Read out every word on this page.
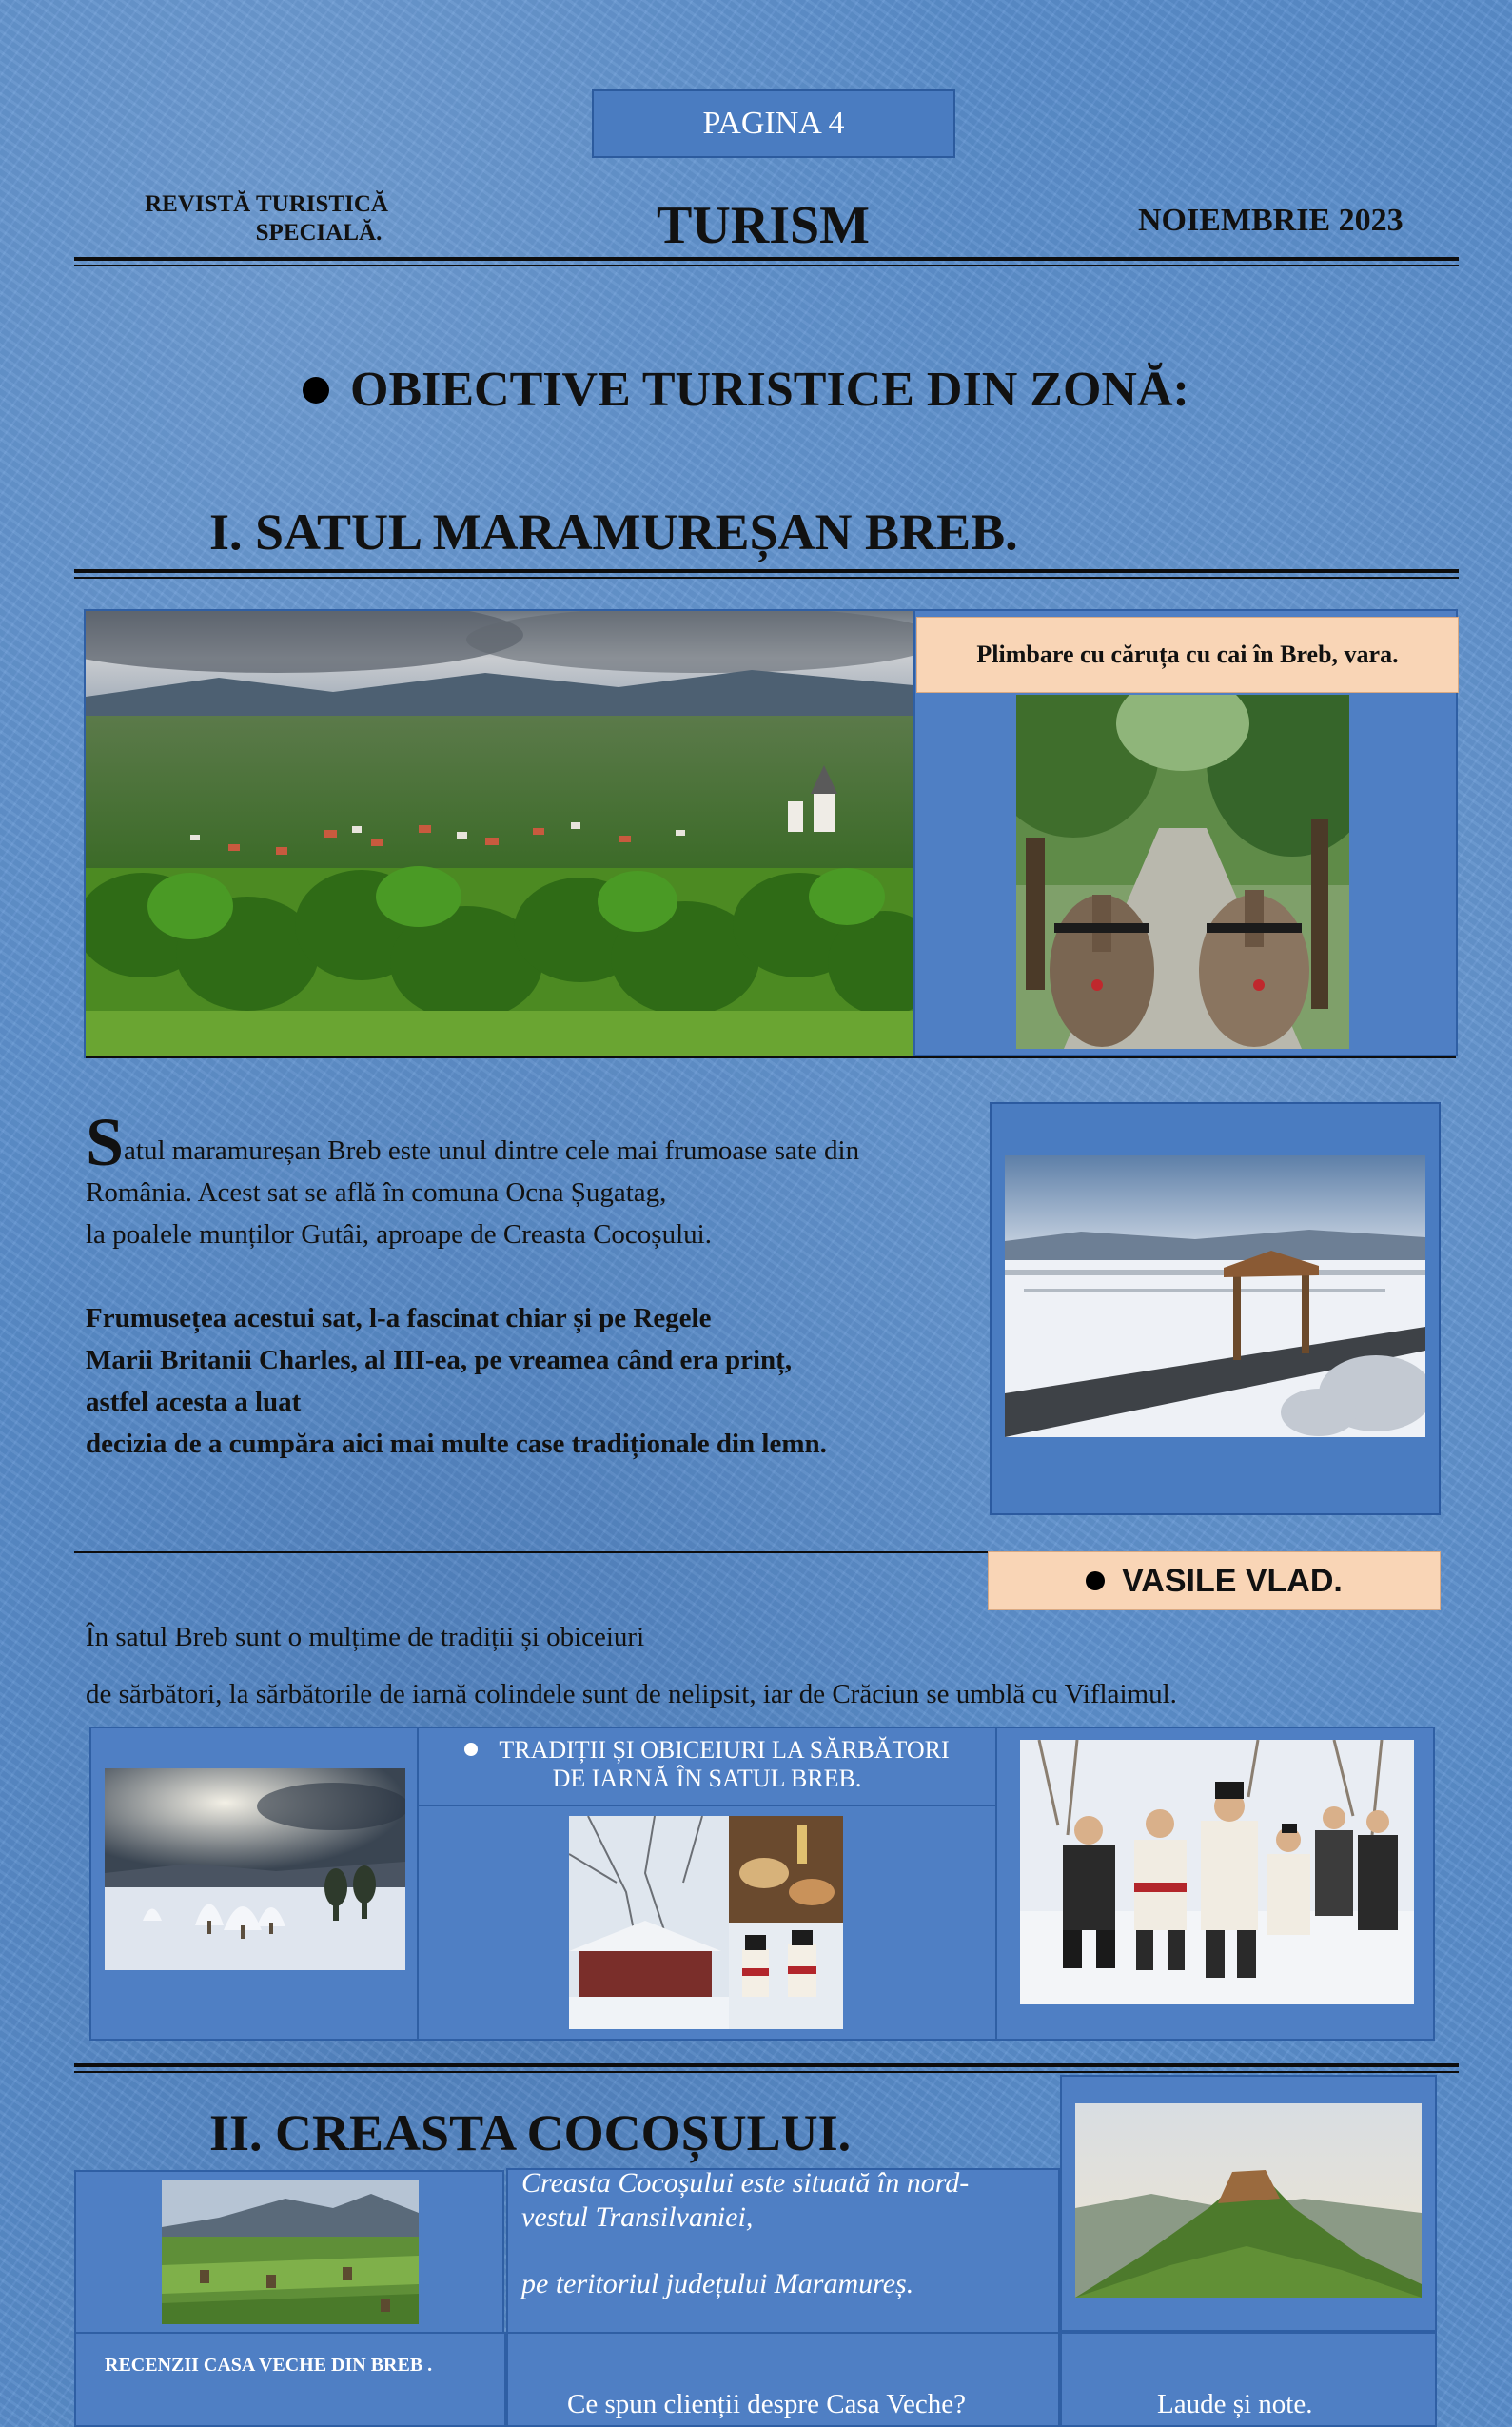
PAGINA 4
REVISTĂ TURISTICĂ
SPECIALĂ.	TURISM	NOIEMBRIE 2023
OBIECTIVE TURISTICE DIN ZONĂ:
I. SATUL MARAMUREȘAN BREB.
Plimbare cu căruța cu cai în Breb, vara.

Satul maramureșan Breb este unul dintre cele mai frumoase sate din

România. Acest sat se află în comuna Ocna Șugatag,

la poalele munților Gutâi, aproape de Creasta Cocoșului.

Frumusețea acestui sat, l-a fascinat chiar și pe Regele

Marii Britanii Charles, al III-ea, pe vreamea când era prinț,

astfel acesta a luat

decizia de a cumpăra aici mai multe case tradiționale din lemn.

VASILE VLAD.

În satul Breb sunt o mulțime de tradiții și obiceiuri

de sărbători, la sărbătorile de iarnă colindele sunt de nelipsit, iar de Crăciun se umblă cu Viflaimul.

TRADIȚII ȘI OBICEIURI LA SĂRBĂTORI
DE IARNĂ ÎN SATUL BREB.
II. CREASTA COCOȘULUI.

Creasta Cocoșului este situată în nord-

vestul Transilvaniei,

pe teritoriul județului Maramureș.

RECENZII CASA VECHE DIN BREB .
Ce spun clienții despre Casa Veche?	Laude și note.
